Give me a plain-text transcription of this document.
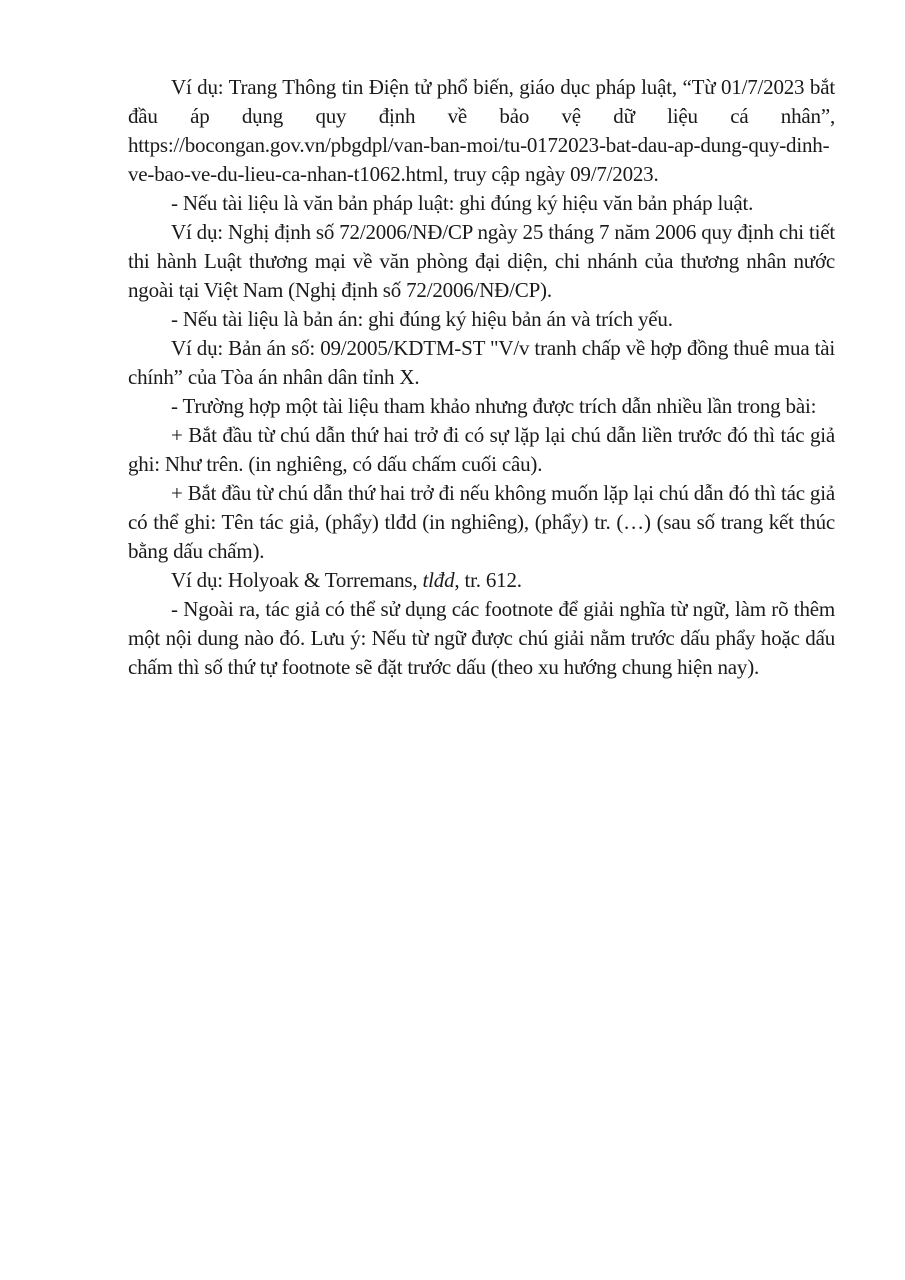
Ví dụ: Trang Thông tin Điện tử phổ biến, giáo dục pháp luật, “Từ 01/7/2023 bắt đầu áp dụng quy định về bảo vệ dữ liệu cá nhân”, https://bocongan.gov.vn/pbgdpl/van-ban-moi/tu-0172023-bat-dau-ap-dung-quy-dinh-ve-bao-ve-du-lieu-ca-nhan-t1062.html, truy cập ngày 09/7/2023.

- Nếu tài liệu là văn bản pháp luật: ghi đúng ký hiệu văn bản pháp luật.

Ví dụ: Nghị định số 72/2006/NĐ/CP ngày 25 tháng 7 năm 2006 quy định chi tiết thi hành Luật thương mại về văn phòng đại diện, chi nhánh của thương nhân nước ngoài tại Việt Nam (Nghị định số 72/2006/NĐ/CP).

- Nếu tài liệu là bản án: ghi đúng ký hiệu bản án và trích yếu.

Ví dụ: Bản án số: 09/2005/KDTM-ST "V/v tranh chấp về hợp đồng thuê mua tài chính” của Tòa án nhân dân tỉnh X.

- Trường hợp một tài liệu tham khảo nhưng được trích dẫn nhiều lần trong bài:

+ Bắt đầu từ chú dẫn thứ hai trở đi có sự lặp lại chú dẫn liền trước đó thì tác giả ghi: Như trên. (in nghiêng, có dấu chấm cuối câu).

+ Bắt đầu từ chú dẫn thứ hai trở đi nếu không muốn lặp lại chú dẫn đó thì tác giả có thể ghi: Tên tác giả, (phẩy) tlđd (in nghiêng), (phẩy) tr. (…) (sau số trang kết thúc bằng dấu chấm).

Ví dụ: Holyoak & Torremans, tlđd, tr. 612.

- Ngoài ra, tác giả có thể sử dụng các footnote để giải nghĩa từ ngữ, làm rõ thêm một nội dung nào đó. Lưu ý: Nếu từ ngữ được chú giải nằm trước dấu phẩy hoặc dấu chấm thì số thứ tự footnote sẽ đặt trước dấu (theo xu hướng chung hiện nay).
